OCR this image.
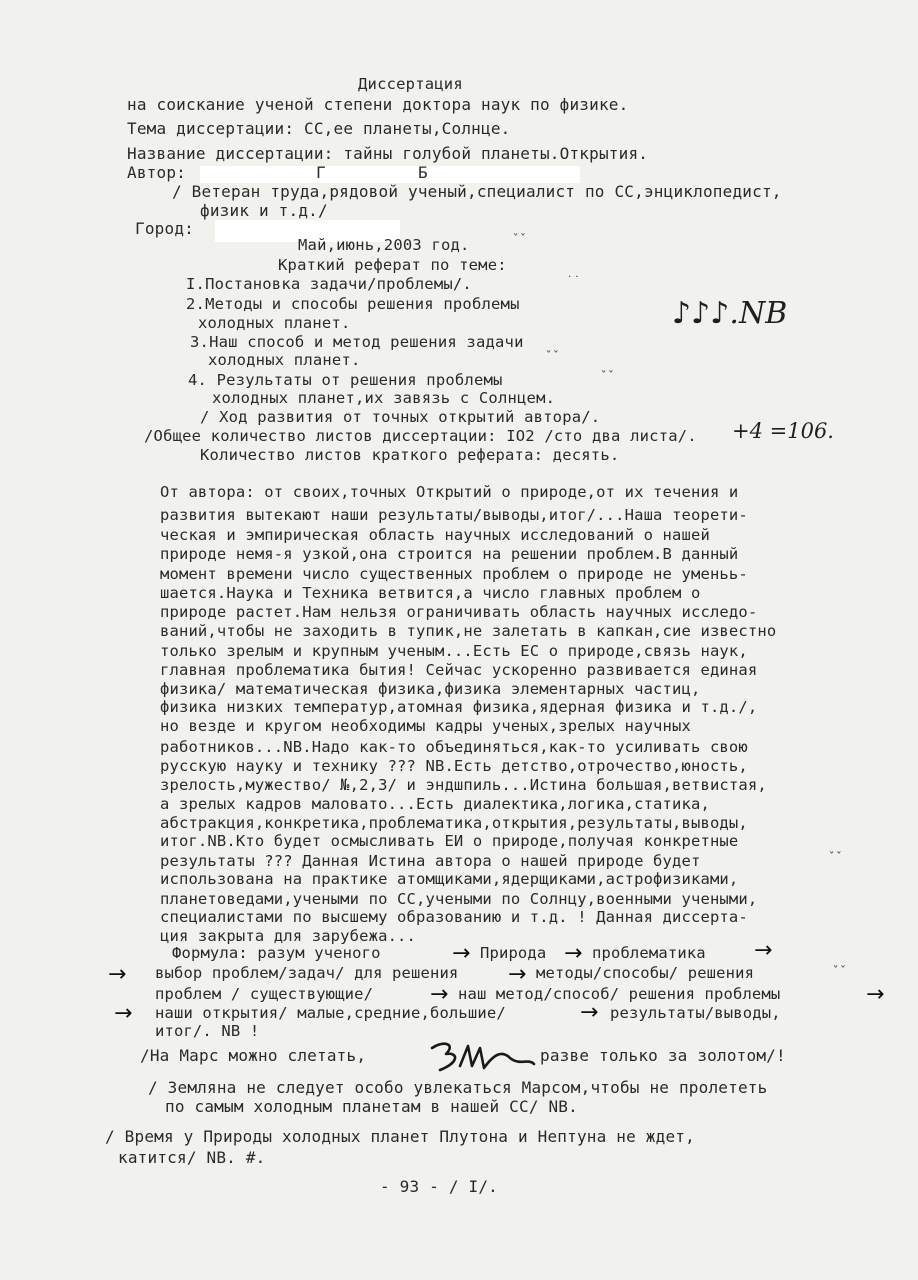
Диссертация
на соискание ученой степени доктора наук по физике.
Тема диссертации: СС,ее планеты,Солнце.
Название диссертации: тайны голубой планеты.Открытия.
Автор:	Г	Б
/ Ветеран труда,рядовой ученый,специалист по СС,энциклопедист,
физик и т.д./
Город:
Май,июнь,2003 год.
Краткий реферат по теме:
I.Постановка задачи/проблемы/.
2.Методы и способы решения проблемы
холодных планет.
3.Наш способ и метод решения задачи
холодных планет.
4. Результаты от решения проблемы
холодных планет,их завязь с Солнцем.
/ Ход развития от точных открытий автора/.
/Общее количество листов диссертации: IO2 /сто два листа/. +4 =106.
Количество листов краткого реферата: десять.
♪♪♪.NB
От автора: от своих,точных Открытий о природе,от их течения и
развития вытекают наши результаты/выводы,итог/...Наша теорети-
ческая и эмпирическая область научных исследований о нашей
природе немя-я узкой,она строится на решении проблем.В данный
момент времени число существенных проблем о природе не уменьь-
шается.Наука и Техника ветвится,а число главных проблем о
природе растет.Нам нельзя ограничивать область научных исследо-
ваний,чтобы не заходить в тупик,не залетать в капкан,сие известно
только зрелым и крупным ученым...Есть ЕС о природе,связь наук,
главная проблематика бытия! Сейчас ускоренно развивается единая
физика/ математическая физика,физика элементарных частиц,
физика низких температур,атомная физика,ядерная физика и т.д./,
но везде и кругом необходимы кадры ученых,зрелых научных
работников...NB.Надо как-то объединяться,как-то усиливать свою
русскую науку и технику ??? NB.Есть детство,отрочество,юность,
зрелость,мужество/ №,2,3/ и эндшпиль...Истина большая,ветвистая,
а зрелых кадров маловато...Есть диалектика,логика,статика,
абстракция,конкретика,проблематика,открытия,результаты,выводы,
итог.NB.Кто будет осмысливать ЕИ о природе,получая конкретные
результаты ??? Данная Истина автора о нашей природе будет
использована на практике атомщиками,ядерщиками,астрофизиками,
планетоведами,учеными по СС,учеными по Солнцу,военными учеными,
специалистами по высшему образованию и т.д. ! Данная диссерта-
ция закрыта для зарубежа...
Формула: разум ученого	→ Природа → проблематика →
→ выбор проблем/задач/ для решения → методы/способы/ решения
проблем / существующие/	→ наш метод/способ/ решения проблемы	→
→ наши открытия/ малые,средние,большие/	→ результаты/выводы,
итог/. NB !
/На Марс можно слетать,	разве только за золотом/!
/ Земляна не следует особо увлекаться Марсом,чтобы не пролететь
по самым холодным планетам в нашей СС/ NB.
/ Время у Природы холодных планет Плутона и Нептуна не ждет,
катится/ NB. #.
- 93 - / I/.
ˇˇ
˙˙
ˇˇ
ˇˇ
ˇˇ
ˇˇ
